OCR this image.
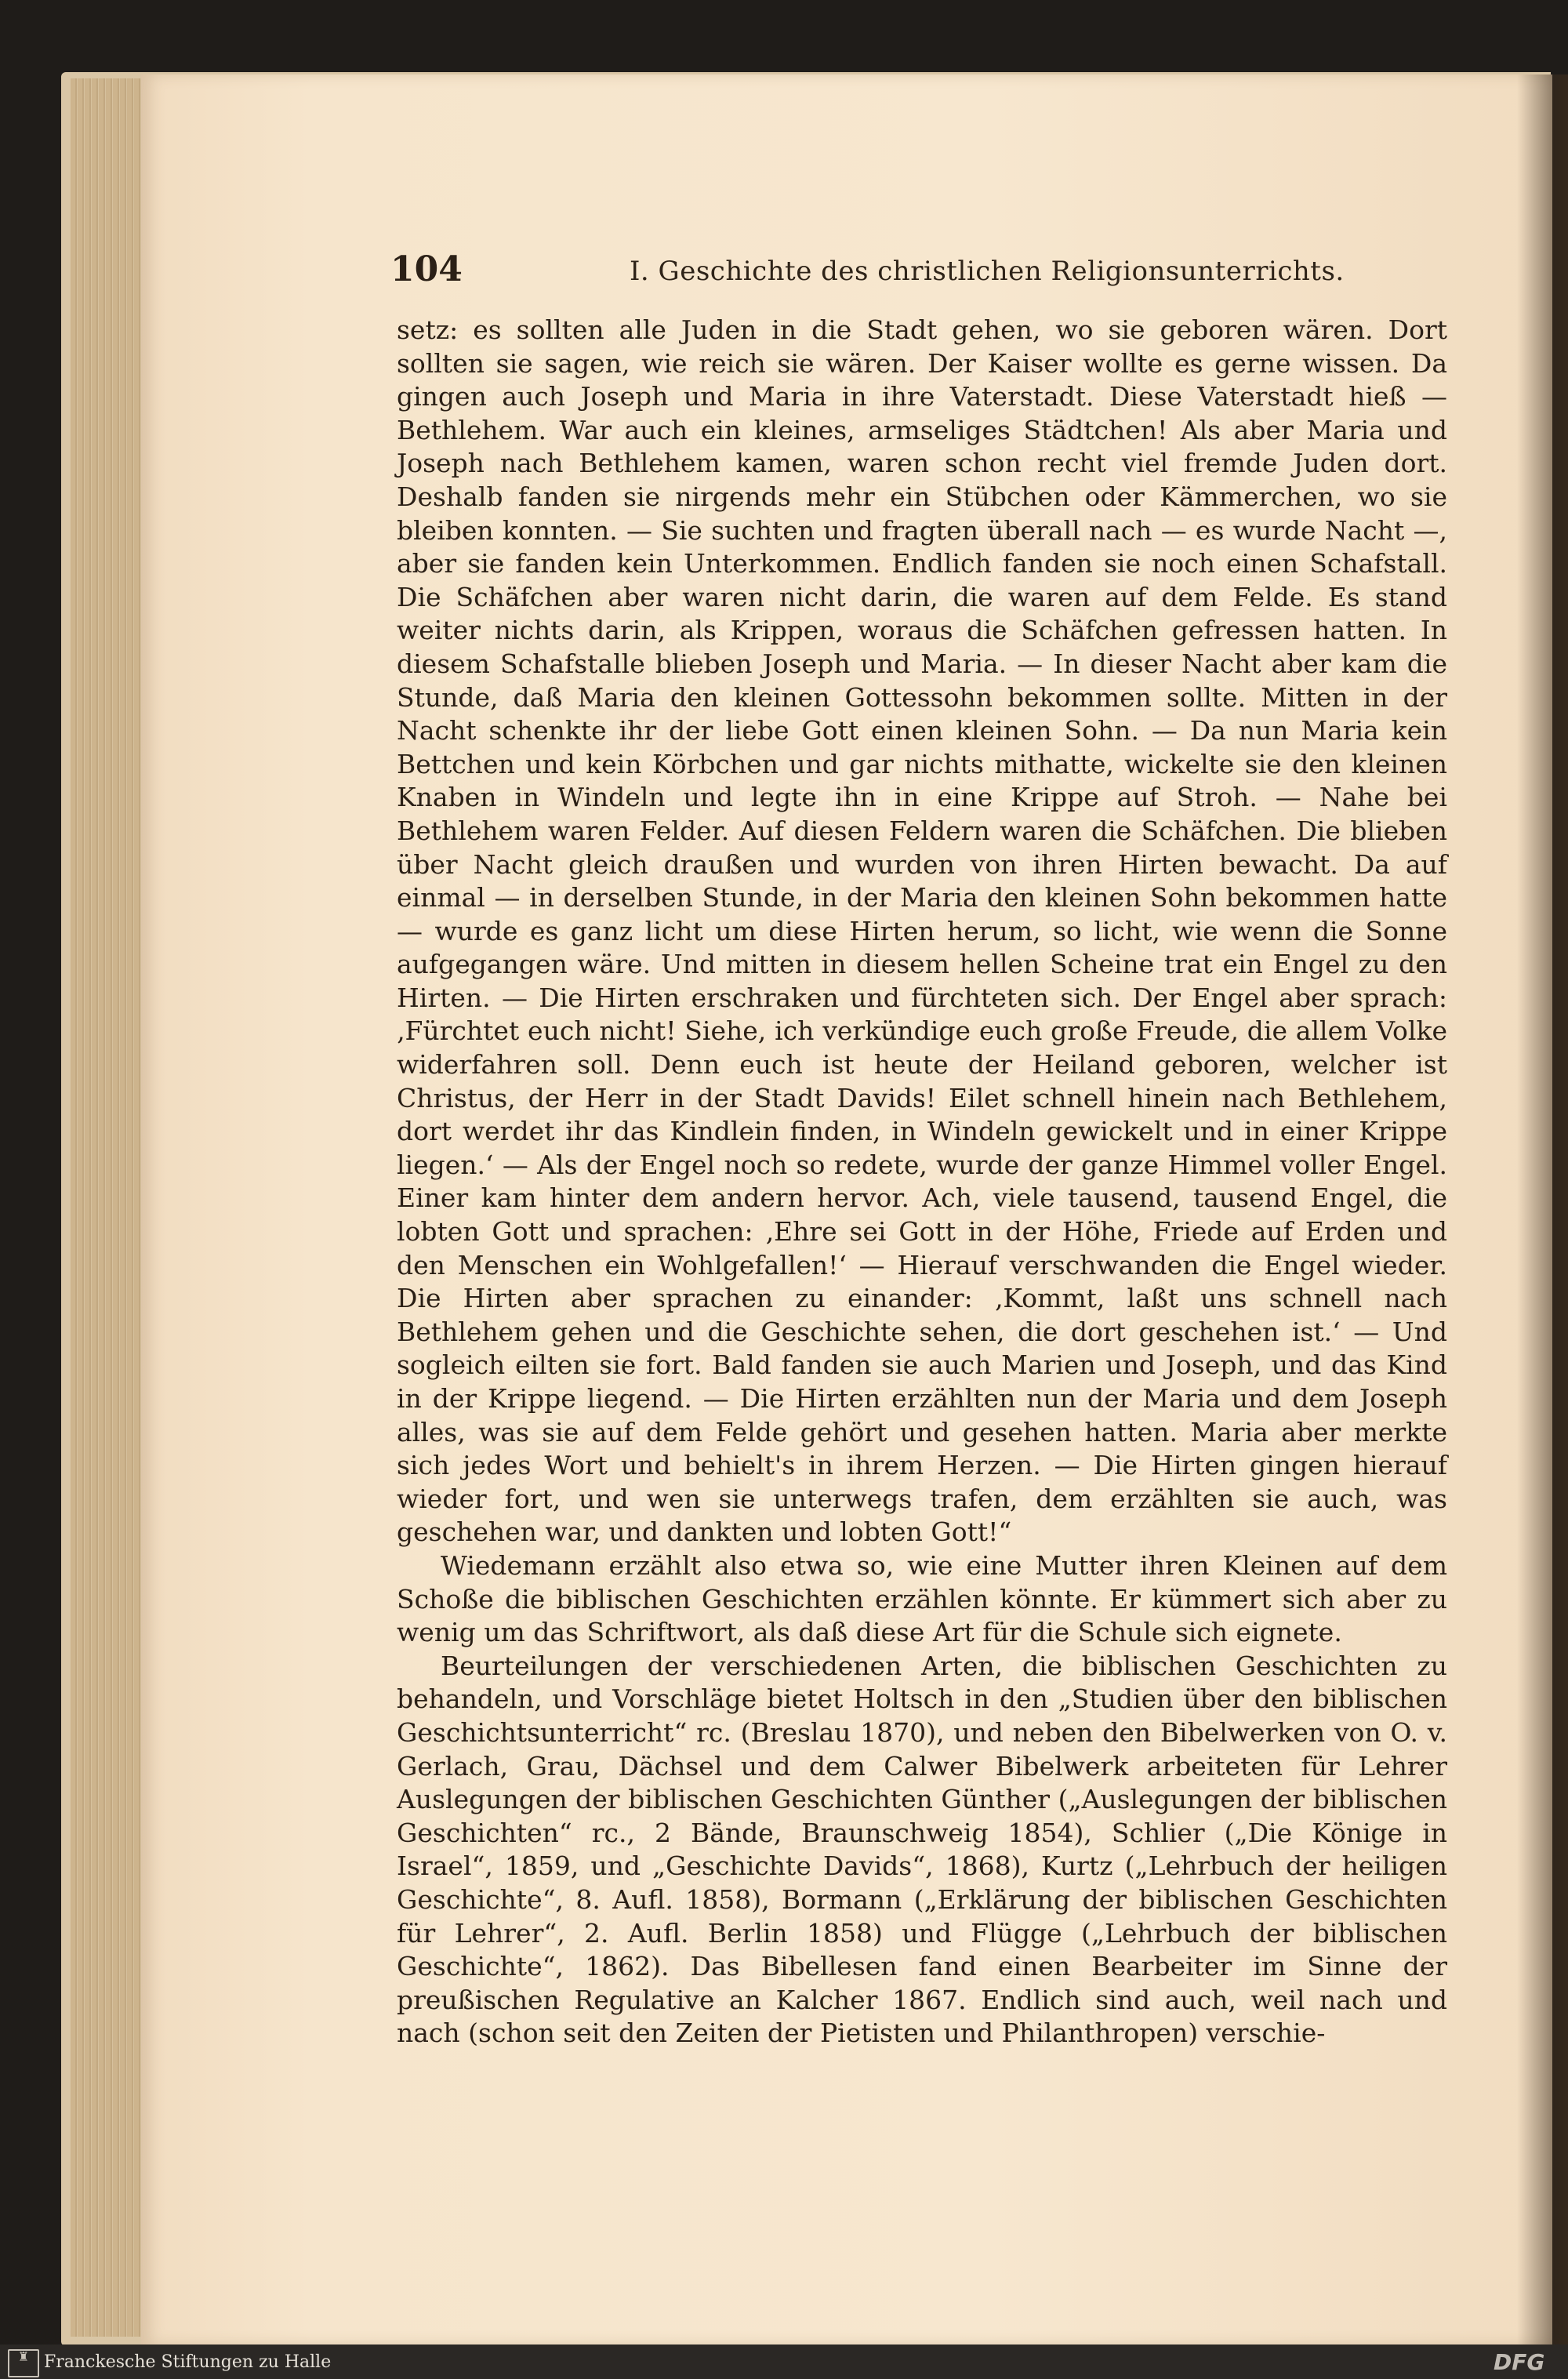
104	I. Geschichte des christlichen Religionsunterrichts.

setz: es sollten alle Juden in die Stadt gehen, wo sie geboren wären. Dort sollten sie sagen, wie reich sie wären. Der Kaiser wollte es gerne wissen. Da gingen auch Joseph und Maria in ihre Vaterstadt. Diese Vaterstadt hieß — Bethlehem. War auch ein kleines, armseliges Städtchen! Als aber Maria und Joseph nach Bethlehem kamen, waren schon recht viel fremde Juden dort. Deshalb fanden sie nirgends mehr ein Stübchen oder Kämmerchen, wo sie bleiben konnten. — Sie suchten und fragten überall nach — es wurde Nacht —, aber sie fanden kein Unterkommen. Endlich fanden sie noch einen Schafstall. Die Schäfchen aber waren nicht darin, die waren auf dem Felde. Es stand weiter nichts darin, als Krippen, woraus die Schäfchen gefressen hatten. In diesem Schafstalle blieben Joseph und Maria. — In dieser Nacht aber kam die Stunde, daß Maria den kleinen Gottessohn bekommen sollte. Mitten in der Nacht schenkte ihr der liebe Gott einen kleinen Sohn. — Da nun Maria kein Bettchen und kein Körbchen und gar nichts mithatte, wickelte sie den kleinen Knaben in Windeln und legte ihn in eine Krippe auf Stroh. — Nahe bei Bethlehem waren Felder. Auf diesen Feldern waren die Schäfchen. Die blieben über Nacht gleich draußen und wurden von ihren Hirten bewacht. Da auf einmal — in derselben Stunde, in der Maria den kleinen Sohn bekommen hatte — wurde es ganz licht um diese Hirten herum, so licht, wie wenn die Sonne aufgegangen wäre. Und mitten in diesem hellen Scheine trat ein Engel zu den Hirten. — Die Hirten erschraken und fürchteten sich. Der Engel aber sprach: ‚Fürchtet euch nicht! Siehe, ich verkündige euch große Freude, die allem Volke widerfahren soll. Denn euch ist heute der Heiland geboren, welcher ist Christus, der Herr in der Stadt Davids! Eilet schnell hinein nach Bethlehem, dort werdet ihr das Kindlein finden, in Windeln gewickelt und in einer Krippe liegen.‘ — Als der Engel noch so redete, wurde der ganze Himmel voller Engel. Einer kam hinter dem andern hervor. Ach, viele tausend, tausend Engel, die lobten Gott und sprachen: ‚Ehre sei Gott in der Höhe, Friede auf Erden und den Menschen ein Wohlgefallen!‘ — Hierauf verschwanden die Engel wieder. Die Hirten aber sprachen zu einander: ‚Kommt, laßt uns schnell nach Bethlehem gehen und die Geschichte sehen, die dort geschehen ist.‘ — Und sogleich eilten sie fort. Bald fanden sie auch Marien und Joseph, und das Kind in der Krippe liegend. — Die Hirten erzählten nun der Maria und dem Joseph alles, was sie auf dem Felde gehört und gesehen hatten. Maria aber merkte sich jedes Wort und behielt's in ihrem Herzen. — Die Hirten gingen hierauf wieder fort, und wen sie unterwegs trafen, dem erzählten sie auch, was geschehen war, und dankten und lobten Gott!“

Wiedemann erzählt also etwa so, wie eine Mutter ihren Kleinen auf dem Schoße die biblischen Geschichten erzählen könnte. Er kümmert sich aber zu wenig um das Schriftwort, als daß diese Art für die Schule sich eignete.

Beurteilungen der verschiedenen Arten, die biblischen Geschichten zu behandeln, und Vorschläge bietet Holtsch in den „Studien über den biblischen Geschichtsunterricht“ rc. (Breslau 1870), und neben den Bibelwerken von O. v. Gerlach, Grau, Dächsel und dem Calwer Bibelwerk arbeiteten für Lehrer Auslegungen der biblischen Geschichten Günther („Auslegungen der biblischen Geschichten“ rc., 2 Bände, Braunschweig 1854), Schlier („Die Könige in Israel“, 1859, und „Geschichte Davids“, 1868), Kurtz („Lehrbuch der heiligen Geschichte“, 8. Aufl. 1858), Bormann („Erklärung der biblischen Geschichten für Lehrer“, 2. Aufl. Berlin 1858) und Flügge („Lehrbuch der biblischen Geschichte“, 1862). Das Bibellesen fand einen Bearbeiter im Sinne der preußischen Regulative an Kalcher 1867. Endlich sind auch, weil nach und nach (schon seit den Zeiten der Pietisten und Philanthropen) verschie-

♜ Franckesche Stiftungen zu Halle	DFG
